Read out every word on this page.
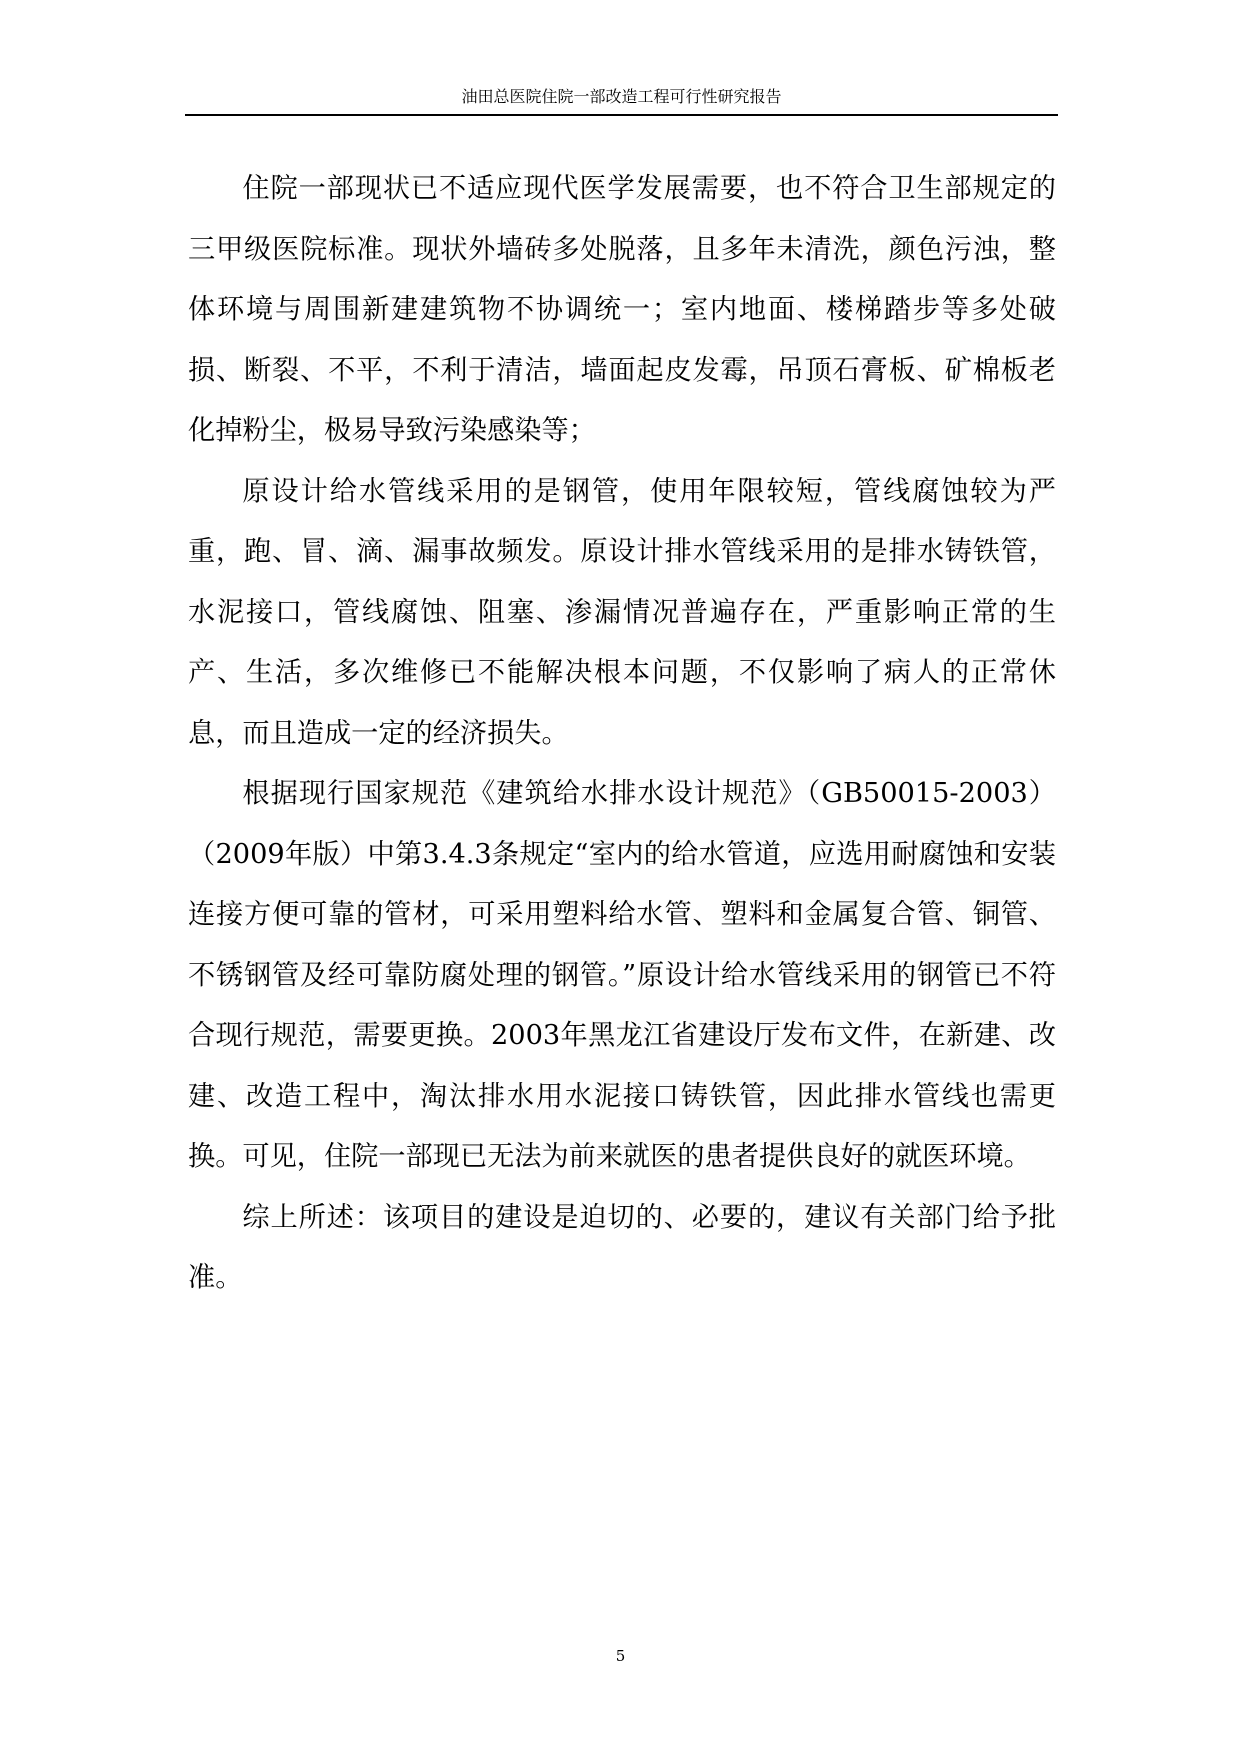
油田总医院住院一部改造工程可行性研究报告

住院一部现状已不适应现代医学发展需要，也不符合卫生部规定的三甲级医院标准。现状外墙砖多处脱落，且多年未清洗，颜色污浊，整体环境与周围新建建筑物不协调统一；室内地面、楼梯踏步等多处破损、断裂、不平，不利于清洁，墙面起皮发霉，吊顶石膏板、矿棉板老化掉粉尘，极易导致污染感染等；

原设计给水管线采用的是钢管，使用年限较短，管线腐蚀较为严重，跑、冒、滴、漏事故频发。原设计排水管线采用的是排水铸铁管，水泥接口，管线腐蚀、阻塞、渗漏情况普遍存在，严重影响正常的生产、生活，多次维修已不能解决根本问题，不仅影响了病人的正常休息，而且造成一定的经济损失。

根据现行国家规范《建筑给水排水设计规范》（GB50015-2003）（2009年版）中第3.4.3条规定“室内的给水管道，应选用耐腐蚀和安装连接方便可靠的管材，可采用塑料给水管、塑料和金属复合管、铜管、不锈钢管及经可靠防腐处理的钢管。”原设计给水管线采用的钢管已不符合现行规范，需要更换。2003年黑龙江省建设厅发布文件，在新建、改建、改造工程中，淘汰排水用水泥接口铸铁管，因此排水管线也需更换。可见，住院一部现已无法为前来就医的患者提供良好的就医环境。

综上所述：该项目的建设是迫切的、必要的，建议有关部门给予批准。

5
